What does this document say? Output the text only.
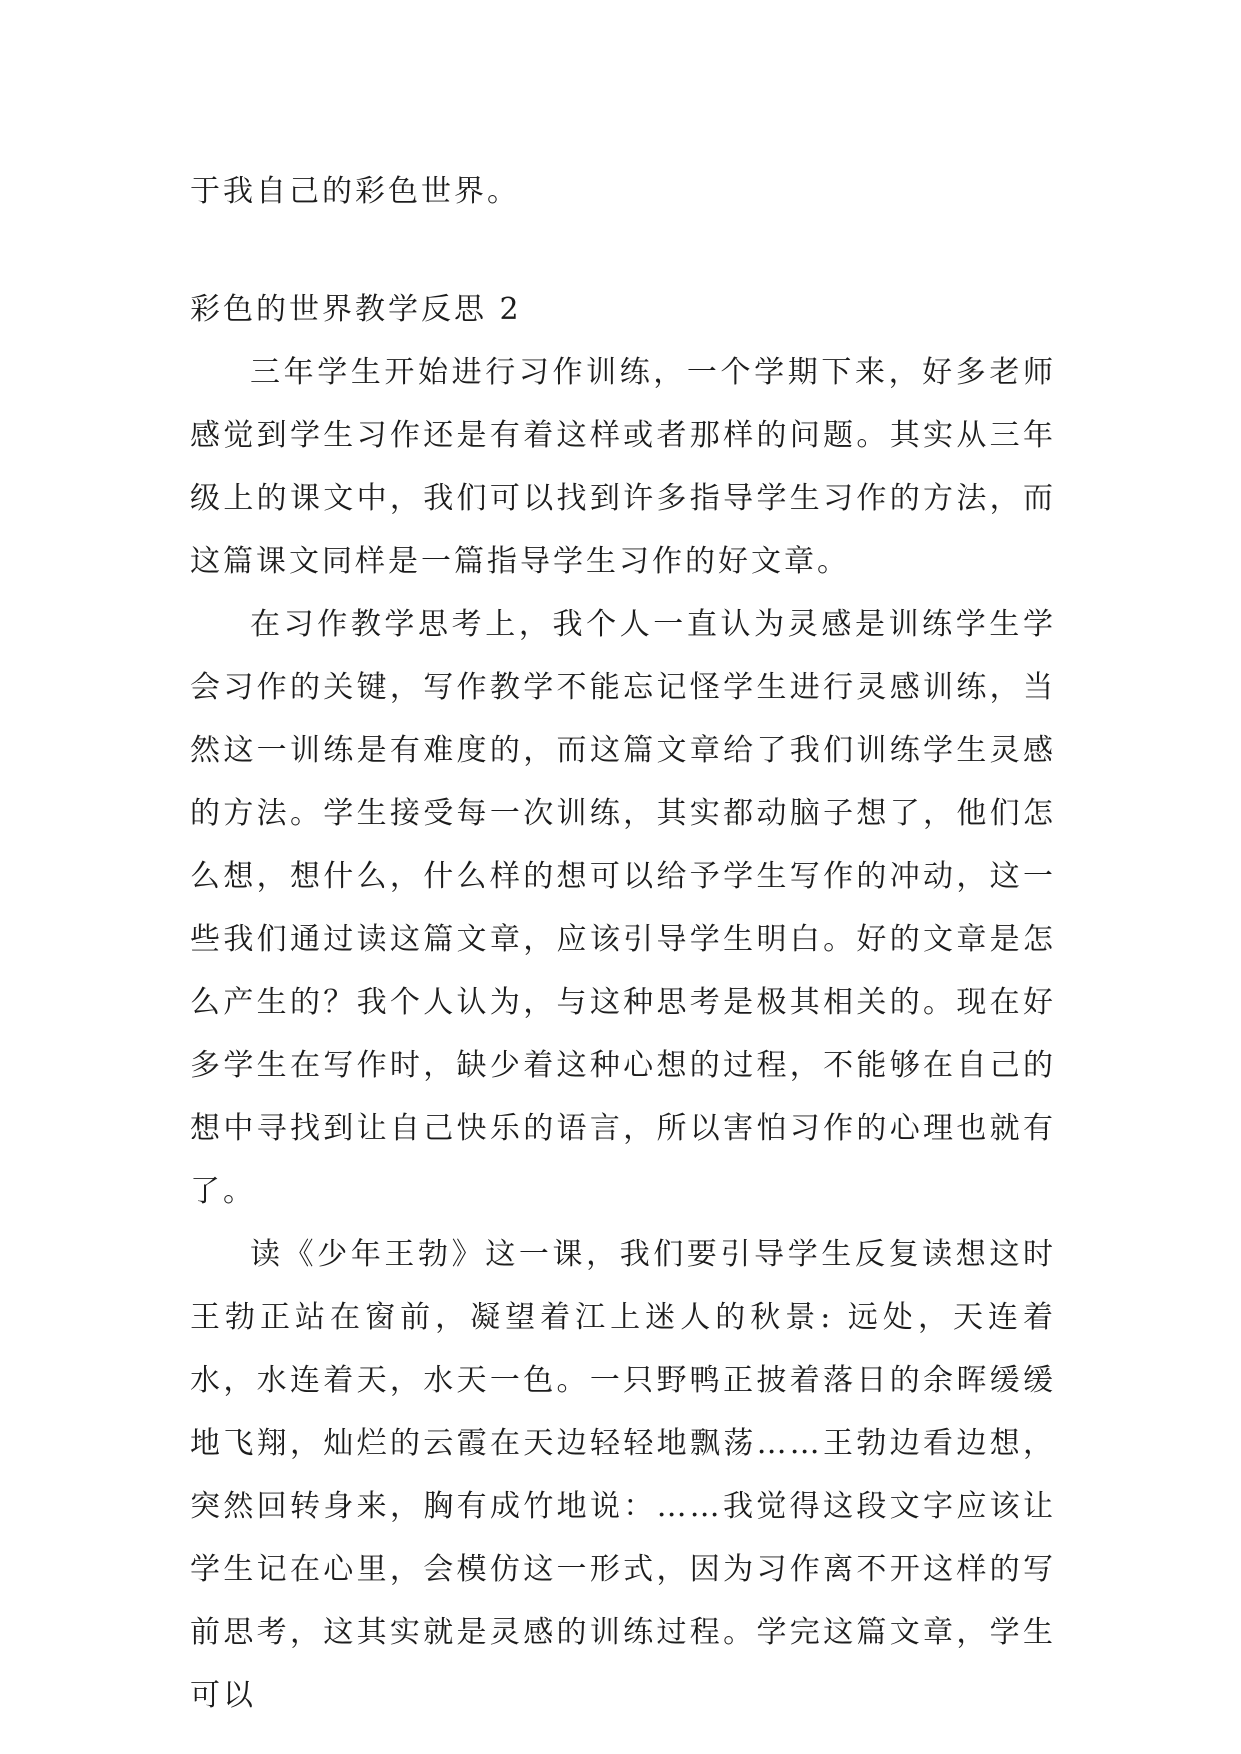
于我自己的彩色世界。

彩色的世界教学反思 2

三年学生开始进行习作训练，一个学期下来，好多老师感觉到学生习作还是有着这样或者那样的问题。其实从三年级上的课文中，我们可以找到许多指导学生习作的方法，而这篇课文同样是一篇指导学生习作的好文章。

在习作教学思考上，我个人一直认为灵感是训练学生学会习作的关键，写作教学不能忘记怪学生进行灵感训练，当然这一训练是有难度的，而这篇文章给了我们训练学生灵感的方法。学生接受每一次训练，其实都动脑子想了，他们怎么想，想什么，什么样的想可以给予学生写作的冲动，这一些我们通过读这篇文章，应该引导学生明白。好的文章是怎么产生的？我个人认为，与这种思考是极其相关的。现在好多学生在写作时，缺少着这种心想的过程，不能够在自己的想中寻找到让自己快乐的语言，所以害怕习作的心理也就有了。

读《少年王勃》这一课，我们要引导学生反复读想这时王勃正站在窗前，凝望着江上迷人的秋景: 远处，天连着水，水连着天，水天一色。一只野鸭正披着落日的余晖缓缓地飞翔，灿烂的云霞在天边轻轻地飘荡……王勃边看边想，突然回转身来，胸有成竹地说：……我觉得这段文字应该让学生记在心里，会模仿这一形式，因为习作离不开这样的写前思考，这其实就是灵感的训练过程。学完这篇文章，学生可以
